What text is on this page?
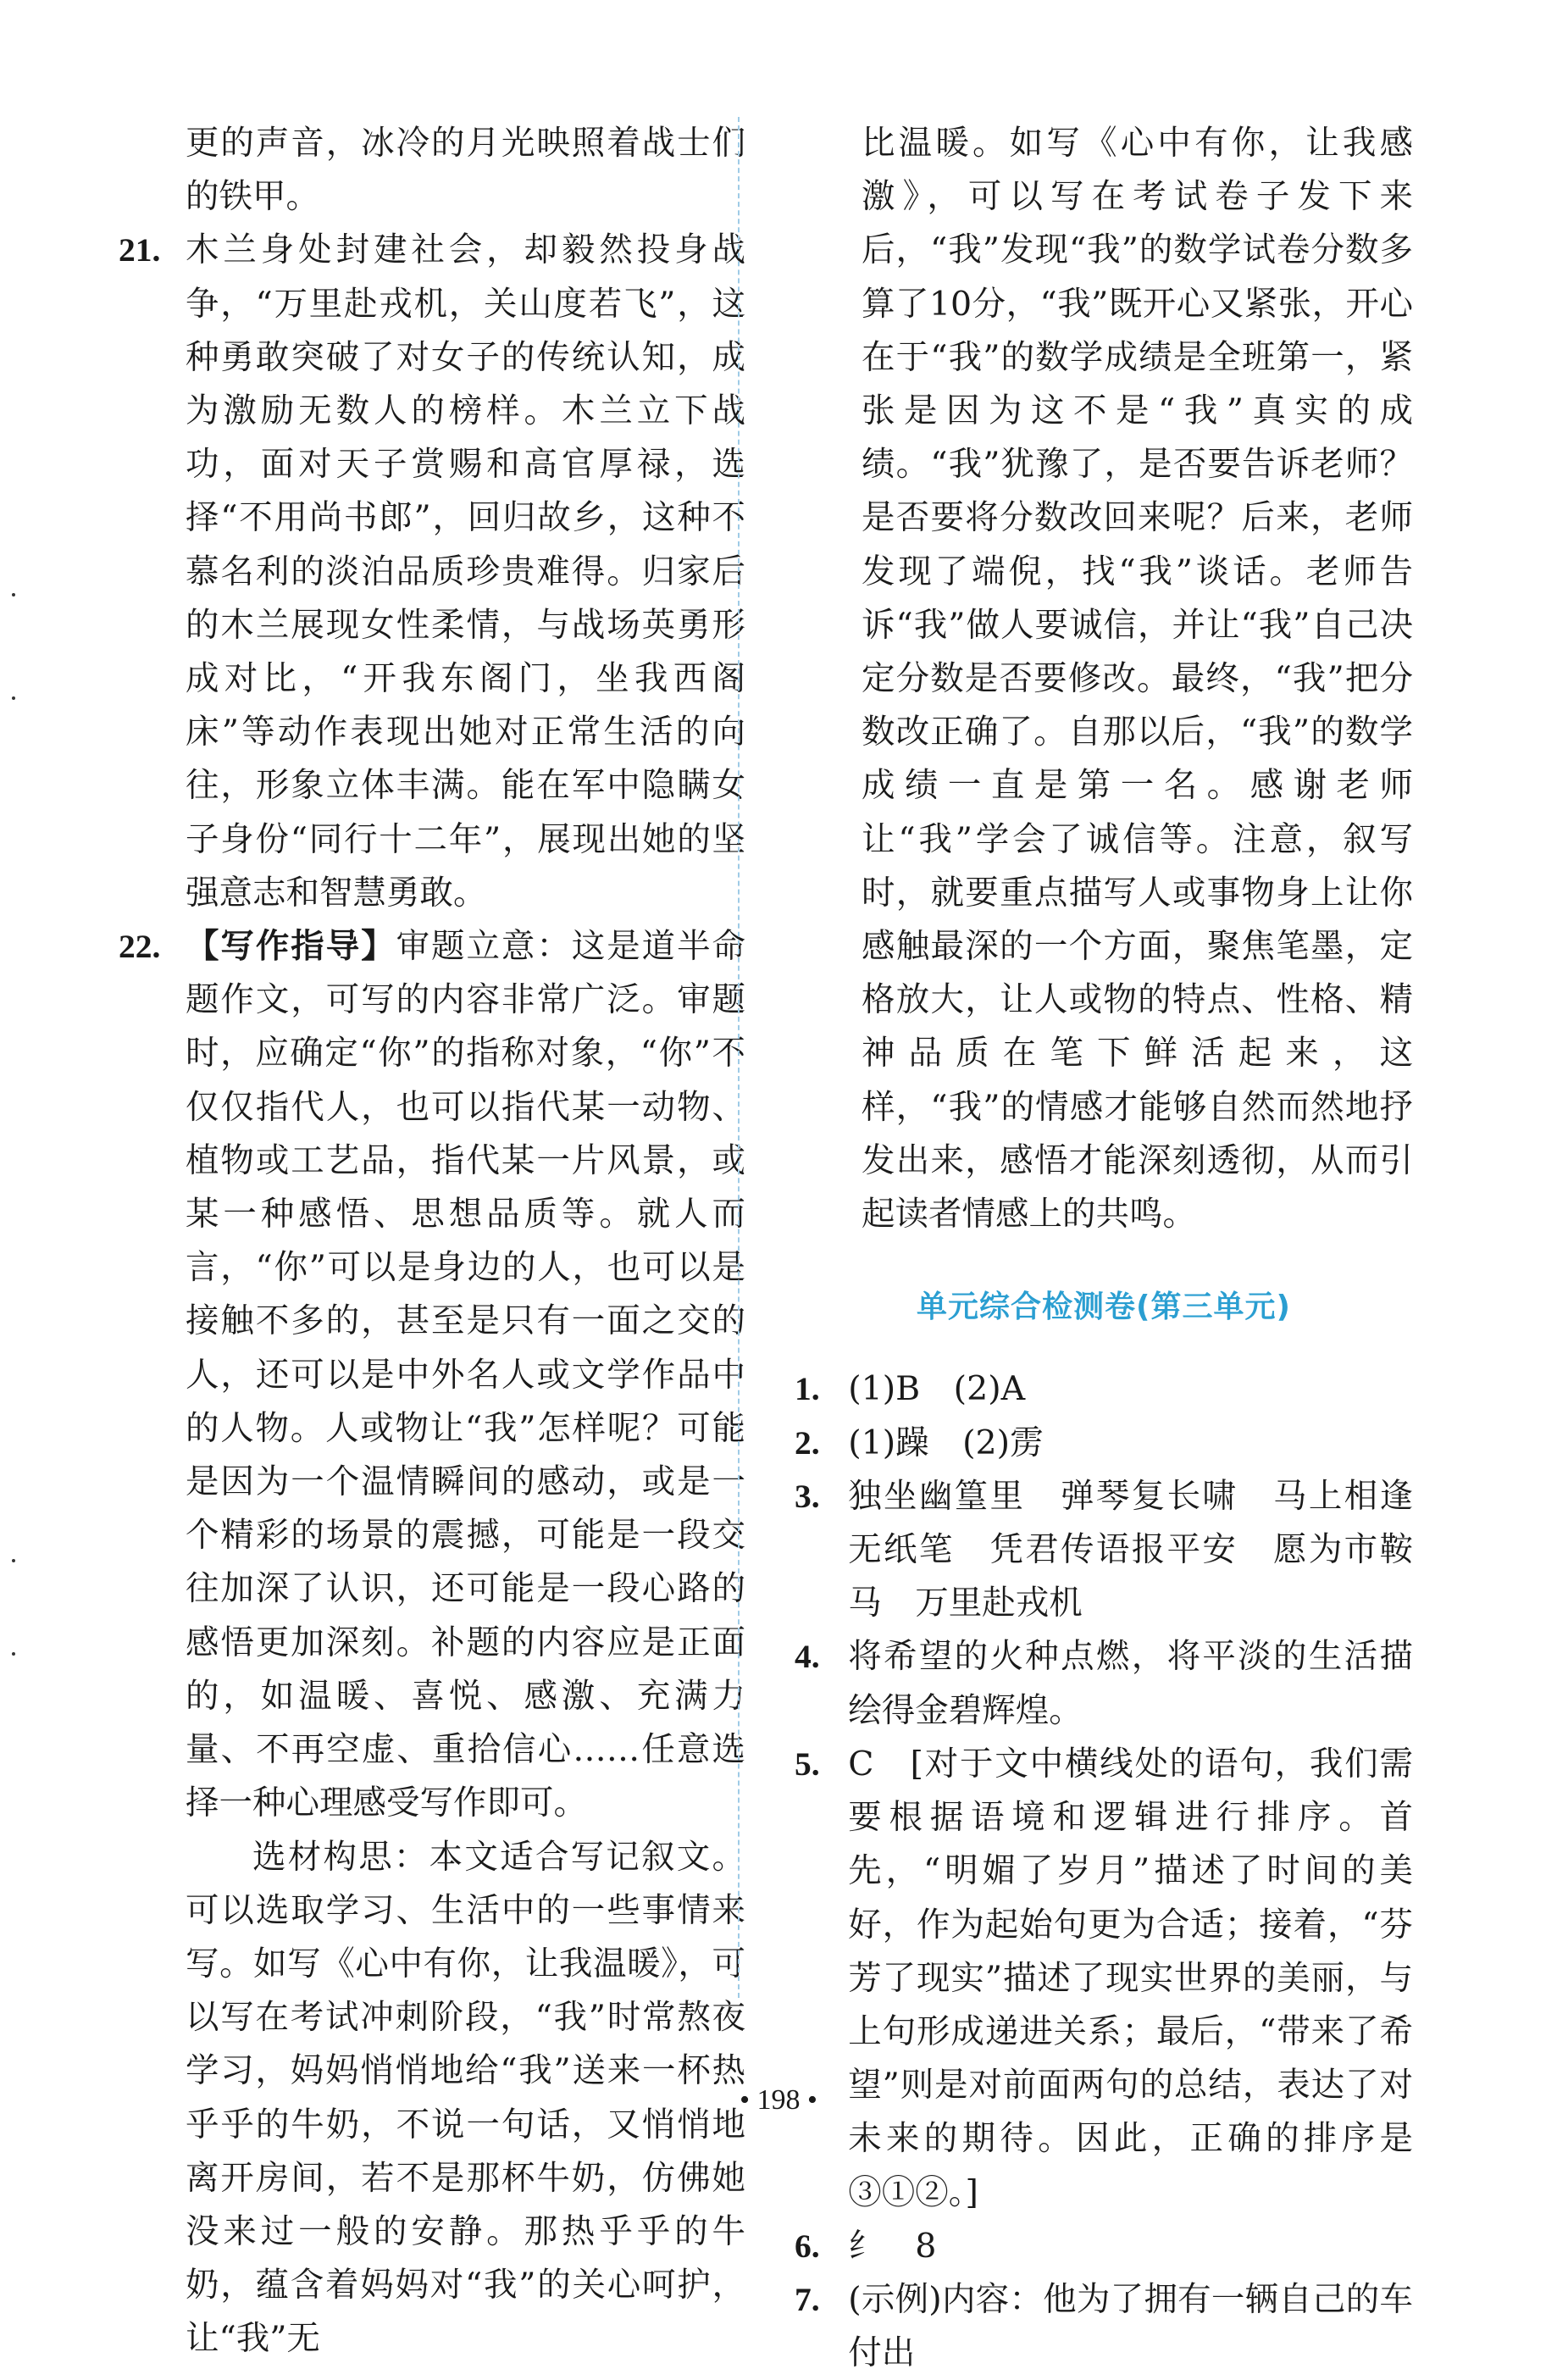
更的声音，冰冷的月光映照着战士们的铁甲。

21. 木兰身处封建社会，却毅然投身战争，“万里赴戎机，关山度若飞”，这种勇敢突破了对女子的传统认知，成为激励无数人的榜样。木兰立下战功，面对天子赏赐和高官厚禄，选择“不用尚书郎”，回归故乡，这种不慕名利的淡泊品质珍贵难得。归家后的木兰展现女性柔情，与战场英勇形成对比，“开我东阁门，坐我西阁床”等动作表现出她对正常生活的向往，形象立体丰满。能在军中隐瞒女子身份“同行十二年”，展现出她的坚强意志和智慧勇敢。
22. 【写作指导】审题立意：这是道半命题作文，可写的内容非常广泛。审题时，应确定“你”的指称对象，“你”不仅仅指代人，也可以指代某一动物、植物或工艺品，指代某一片风景，或某一种感悟、思想品质等。就人而言，“你”可以是身边的人，也可以是接触不多的，甚至是只有一面之交的人，还可以是中外名人或文学作品中的人物。人或物让“我”怎样呢？可能是因为一个温情瞬间的感动，或是一个精彩的场景的震撼，可能是一段交往加深了认识，还可能是一段心路的感悟更加深刻。补题的内容应是正面的，如温暖、喜悦、感激、充满力量、不再空虚、重拾信心……任意选择一种心理感受写作即可。

选材构思：本文适合写记叙文。可以选取学习、生活中的一些事情来写。如写《心中有你，让我温暖》，可以写在考试冲刺阶段，“我”时常熬夜学习，妈妈悄悄地给“我”送来一杯热乎乎的牛奶，不说一句话，又悄悄地离开房间，若不是那杯牛奶，仿佛她没来过一般的安静。那热乎乎的牛奶，蕴含着妈妈对“我”的关心呵护，让“我”无

比温暖。如写《心中有你，让我感激》，可以写在考试卷子发下来后，“我”发现“我”的数学试卷分数多算了10分，“我”既开心又紧张，开心在于“我”的数学成绩是全班第一，紧张是因为这不是“我”真实的成绩。“我”犹豫了，是否要告诉老师？是否要将分数改回来呢？后来，老师发现了端倪，找“我”谈话。老师告诉“我”做人要诚信，并让“我”自己决定分数是否要修改。最终，“我”把分数改正确了。自那以后，“我”的数学成绩一直是第一名。感谢老师让“我”学会了诚信等。注意，叙写时，就要重点描写人或事物身上让你感触最深的一个方面，聚焦笔墨，定格放大，让人或物的特点、性格、精神品质在笔下鲜活起来，这样，“我”的情感才能够自然而然地抒发出来，感悟才能深刻透彻，从而引起读者情感上的共鸣。

单元综合检测卷(第三单元)
1. (1)B　(2)A
2. (1)躁　(2)雳
3. 独坐幽篁里　弹琴复长啸　马上相逢无纸笔　凭君传语报平安　愿为市鞍马　万里赴戎机
4. 将希望的火种点燃，将平淡的生活描绘得金碧辉煌。
5. C　[对于文中横线处的语句，我们需要根据语境和逻辑进行排序。首先，“明媚了岁月”描述了时间的美好，作为起始句更为合适；接着，“芬芳了现实”描述了现实世界的美丽，与上句形成递进关系；最后，“带来了希望”则是对前面两句的总结，表达了对未来的期待。因此，正确的排序是③①②。]
6. 纟　8
7. (示例)内容：他为了拥有一辆自己的车付出
• 198 •
